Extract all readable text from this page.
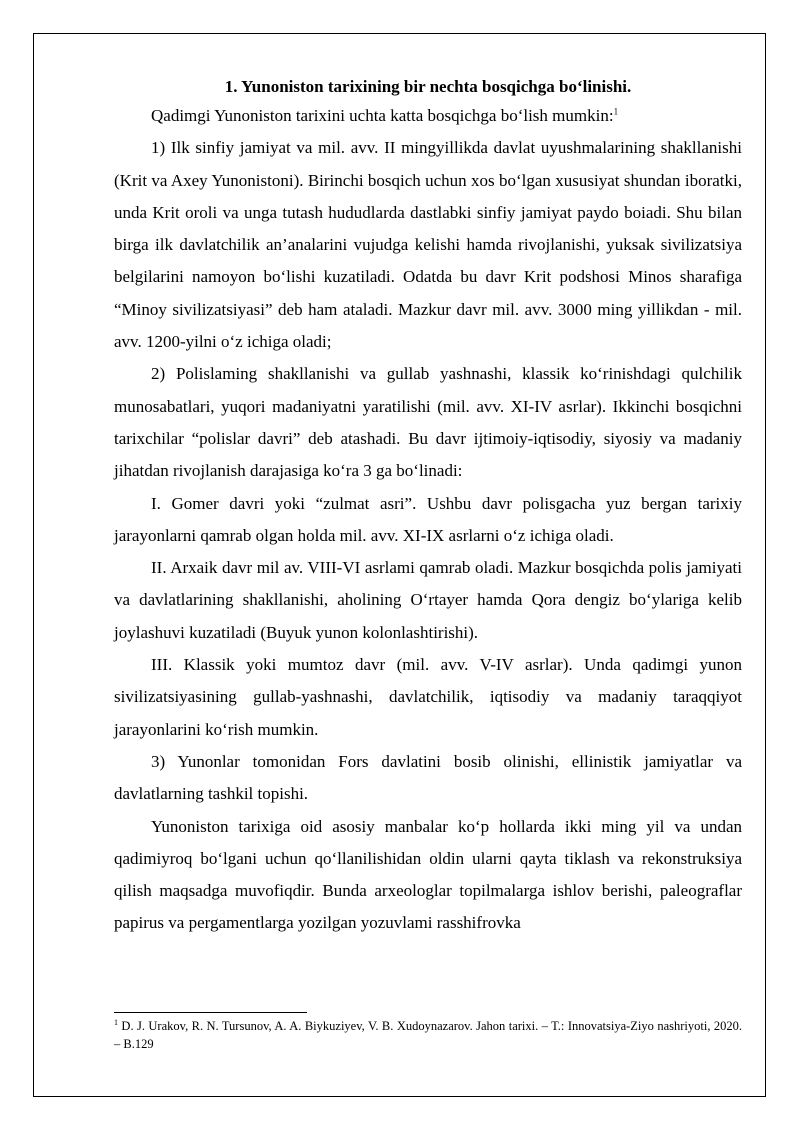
1. Yunoniston tarixining bir nechta bosqichga bo‘linishi.

Qadimgi Yunoniston tarixini uchta katta bosqichga bo‘lish mumkin:$^1$

1) Ilk sinfiy jamiyat va mil. avv. II mingyillikda davlat uyushmalarining shakllanishi (Krit va Axey Yunonistoni). Birinchi bosqich uchun xos bo‘lgan xususiyat shundan iboratki, unda Krit oroli va unga tutash hududlarda dastlabki sinfiy jamiyat paydo boiadi. Shu bilan birga ilk davlatchilik an’analarini vujudga kelishi hamda rivojlanishi, yuksak sivilizatsiya belgilarini namoyon bo‘lishi kuzatiladi. Odatda bu davr Krit podshosi Minos sharafiga “Minoy sivilizatsiyasi” deb ham ataladi. Mazkur davr mil. avv. 3000 ming yillikdan - mil. avv. 1200-yilni o‘z ichiga oladi;

2) Polislaming shakllanishi va gullab yashnashi, klassik ko‘rinishdagi qulchilik munosabatlari, yuqori madaniyatni yaratilishi (mil. avv. XI-IV asrlar). Ikkinchi bosqichni tarixchilar “polislar davri” deb atashadi. Bu davr ijtimoiy-iqtisodiy, siyosiy va madaniy jihatdan rivojlanish darajasiga ko‘ra 3 ga bo‘linadi:

I. Gomer davri yoki “zulmat asri”. Ushbu davr polisgacha yuz bergan tarixiy jarayonlarni qamrab olgan holda mil. avv. XI-IX asrlarni o‘z ichiga oladi.

II. Arxaik davr mil av. VIII-VI asrlami qamrab oladi. Mazkur bosqichda polis jamiyati va davlatlarining shakllanishi, aholining O‘rtayer hamda Qora dengiz bo‘ylariga kelib joylashuvi kuzatiladi (Buyuk yunon kolonlashtirishi).

III. Klassik yoki mumtoz davr (mil. avv. V-IV asrlar). Unda qadimgi yunon sivilizatsiyasining gullab-yashnashi, davlatchilik, iqtisodiy va madaniy taraqqiyot jarayonlarini ko‘rish mumkin.

3) Yunonlar tomonidan Fors davlatini bosib olinishi, ellinistik jamiyatlar va davlatlarning tashkil topishi.

Yunoniston tarixiga oid asosiy manbalar ko‘p hollarda ikki ming yil va undan qadimiyroq bo‘lgani uchun qo‘llanilishidan oldin ularni qayta tiklash va rekonstruksiya qilish maqsadga muvofiqdir. Bunda arxeologlar topilmalarga ishlov berishi, paleograflar papirus va pergamentlarga yozilgan yozuvlami rasshifrovka

$^1$ D. J. Urakov, R. N. Tursunov, A. A. Biykuziyev, V. B. Xudoynazarov. Jahon tarixi. – T.: Innovatsiya-Ziyo nashriyoti, 2020. – B.129
